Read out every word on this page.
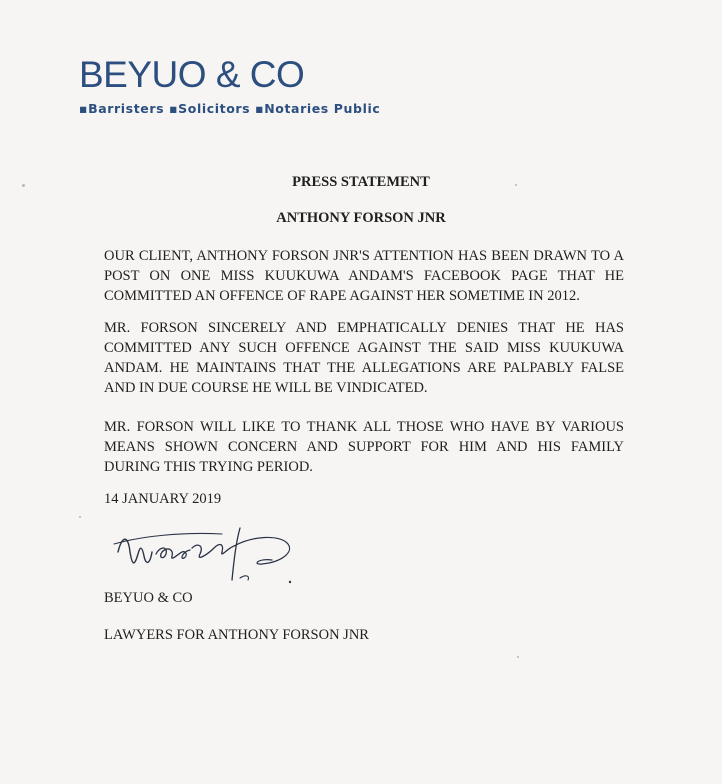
BEYUO & CO
▪Barristers ▪Solicitors ▪Notaries Public
PRESS STATEMENT
ANTHONY FORSON JNR

OUR CLIENT, ANTHONY FORSON JNR'S ATTENTION HAS BEEN DRAWN TO A POST ON ONE MISS KUUKUWA ANDAM'S FACEBOOK PAGE THAT HE COMMITTED AN OFFENCE OF RAPE AGAINST HER SOMETIME IN 2012.

MR. FORSON SINCERELY AND EMPHATICALLY DENIES THAT HE HAS COMMITTED ANY SUCH OFFENCE AGAINST THE SAID MISS KUUKUWA ANDAM. HE MAINTAINS THAT THE ALLEGATIONS ARE PALPABLY FALSE AND IN DUE COURSE HE WILL BE VINDICATED.

MR. FORSON WILL LIKE TO THANK ALL THOSE WHO HAVE BY VARIOUS MEANS SHOWN CONCERN AND SUPPORT FOR HIM AND HIS FAMILY DURING THIS TRYING PERIOD.

14 JANUARY 2019
BEYUO & CO
LAWYERS FOR ANTHONY FORSON JNR
